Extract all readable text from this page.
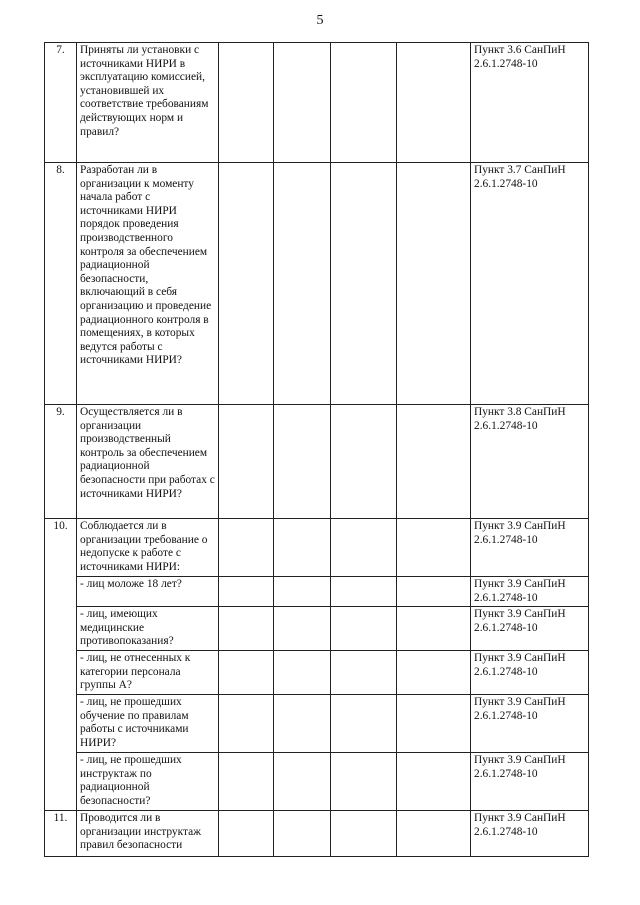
5
7.	Приняты ли установки с источниками НИРИ в эксплуатацию комиссией, установившей их соответствие требованиям действующих норм и правил?					Пункт 3.6 СанПиН
2.6.1.2748-10

8.	Разработан ли в организации к моменту начала работ с источниками НИРИ порядок проведения производственного контроля за обеспечением радиационной безопасности, включающий в себя организацию и проведение радиационного контроля в помещениях, в которых ведутся работы с источниками НИРИ?					Пункт 3.7 СанПиН
2.6.1.2748-10

9.	Осуществляется ли в организации производственный контроль за обеспечением радиационной безопасности при работах с источниками НИРИ?					Пункт 3.8 СанПиН
2.6.1.2748-10

10.	Соблюдается ли в организации требование о недопуске к работе с источниками НИРИ:					Пункт 3.9 СанПиН
2.6.1.2748-10

	- лиц моложе 18 лет?					Пункт 3.9 СанПиН
2.6.1.2748-10

	- лиц, имеющих медицинские противопоказания?					Пункт 3.9 СанПиН
2.6.1.2748-10

	- лиц, не отнесенных к категории персонала группы А?					Пункт 3.9 СанПиН
2.6.1.2748-10

	- лиц, не прошедших обучение по правилам работы с источниками НИРИ?					Пункт 3.9 СанПиН
2.6.1.2748-10

	- лиц, не прошедших инструктаж по радиационной безопасности?					Пункт 3.9 СанПиН
2.6.1.2748-10

11.	Проводится ли в организации инструктаж правил безопасности					Пункт 3.9 СанПиН
2.6.1.2748-10
